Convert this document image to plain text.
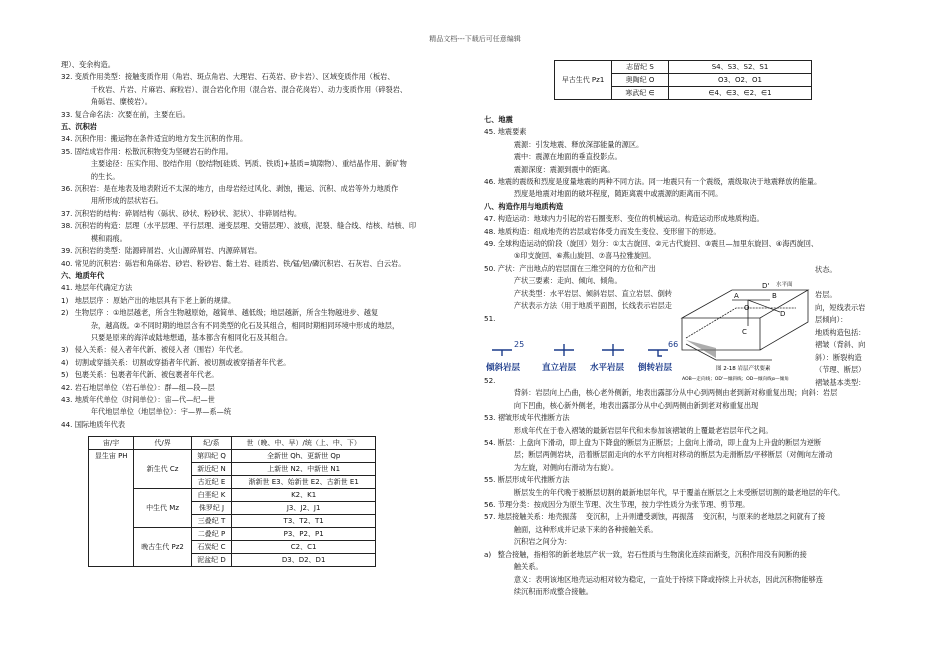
精品文档---下载后可任意编辑
理）、变余构造。
32.	变质作用类型：接触变质作用（角岩、斑点角岩、大理岩、石英岩、矽卡岩）、区域变质作用（板岩、
	千枚岩、片岩、片麻岩、麻粒岩）、混合岩化作用（混合岩、混合花岗岩）、动力变质作用（碎裂岩、
	角砾岩、糜棱岩）。
33.	复合命名法：次要在前，主要在后。
五、沉积岩
34.	沉积作用：搬运物在条件适宜的地方发生沉积的作用。
35.	固结成岩作用：松散沉积物变为坚硬岩石的作用。
	主要途径：压实作用、胶结作用（胶结物[硅质、钙质、铁质]+基质=填隙物）、重结晶作用、新矿物
	的生长。
36.	沉积岩：是在地表及地表附近不太深的地方，由母岩经过风化、剥蚀，搬运、沉积、成岩等外力地质作
	用所形成的层状岩石。
37.	沉积岩的结构：碎屑结构（砾状、砂状、粉砂状、泥状）、非碎屑结构。
38.	沉积岩的构造：层理（水平层理、平行层理、递变层理、交错层理）、波痕，泥裂、缝合线、结核、结核、印
	模和雨痕。
39.	沉积岩的类型：陆源碎屑岩、火山源碎屑岩、内源碎屑岩。
40.	常见的沉积岩：砾岩和角砾岩、砂岩、粉砂岩、黏土岩、硅质岩、铁/锰/铝/磷沉积岩、石灰岩、白云岩。
六、地质年代
41.	地层年代确定方法
1)	地层层序 ：原始产出的地层具有下老上新的规律。
2)	生物层序 ：①地层越老，所含生物越原始，越简单、越低级；地层越新，所含生物越进步、越复
	杂，越高级。②不同时期的地层含有不同类型的化石及其组合，相同时期相同环境中形成的地层，
	只要是原来的海洋或陆地想通，基本都含有相同化石及其组合。
3)	侵入关系：侵入者年代新、被侵入者（围岩）年代老。
4)	切割或穿插关系：切割或穿插者年代新、被切割或被穿插者年代老。
5)	包裹关系：包裹者年代新、被包裹者年代老。
42.	岩石地层单位（岩石单位）：群—组—段—层
43.	地质年代单位（时间单位）：宙—代—纪—世
	年代地层单位（地层单位）：宇—界—系—统
44.	国际地质年代表
宙/宇	代/界	纪/系	世（晚、中、早）/统（上、中、下）
显生宙 PH	新生代 Cz	第四纪 Q	全新世 Qh、更新世 Qp
		新近纪 N	上新世 N2、中新世 N1
		古近纪 E	渐新世 E3、始新世 E2、古新世 E1
	中生代 Mz	白垩纪 K	K2、K1
		侏罗纪 J	J3、J2、J1
		三叠纪 T	T3、T2、T1
	晚古生代 Pz2	二叠纪 P	P3、P2、P1
		石炭纪 C	C2、C1
		泥盆纪 D	D3、D2、D1
早古生代 Pz1	志留纪 S	S4、S3、S2、S1
	奥陶纪 O	O3、O2、O1
	寒武纪 ∈	∈4、∈3、∈2、∈1
七、地震
45.	地震要素
	震源：引发地震、释放深部能量的源区。
	震中：震源在地面的垂直投影点。
	震源深度：震源到震中的距离。
46.	地震的震级和烈度是度量地震的两种不同方法。同一地震只有一个震级，震级取决于地震释放的能量。
	烈度是地震对地面的破坏程度，随距离震中或震源的距离而不同。
八、构造作用与地质构造
47.	构造运动：地球内力引起的岩石圈变形、变位的机械运动。构造运动形成地质构造。
48.	地质构造：组成地壳的岩层或岩体受力而发生变位、变形留下的形迹。
49.	全球构造运动的阶段（旋回）划分：①太古旋回、②元古代旋回、③震旦—加里东旋回、④海西旋回、
	⑤印支旋回、⑥燕山旋回、⑦喜马拉雅旋回。
50.	产状：产出地点的岩层面在三维空间的方位和产出
	产状三要素：走向、倾向、倾角。
	产状类型：水平岩层、倾斜岩层、直立岩层、倒转
	产状表示方法（用于地质平面图，长线表示岩层走
51.
52.
	背斜：岩层向上凸曲，核心老外侧新，地表出露部分从中心到两侧由老到新对称重复出现；向斜：岩层
	向下凹曲，核心新外侧老，地表出露部分从中心到两侧由新到老对称重复出现
53.	褶皱形成年代推断方法
	形成年代在于卷入褶皱的最新岩层年代和未参加该褶皱的上覆最老岩层年代之间。
54.	断层：上盘向下滑动，即上盘为下降盘的断层为正断层；上盘向上滑动，即上盘为上升盘的断层为逆断
	层；断层两侧岩块，沿着断层面走向的水平方向相对移动的断层为走滑断层/平移断层（对侧向左滑动
	为左旋，对侧向右滑动为右旋）。
55.	断层形成年代推断方法
	断层发生的年代晚于被断层切割的最新地层年代，早于覆盖在断层之上未受断层切割的最老地层的年代。
56.	节理分类：按成因分为原生节理、次生节理，按力学性质分为张节理、剪节理。
57.	地层接触关系：地壳振荡    变沉积，上升则遭受剥蚀，再振荡    变沉积，与原来的老地层之间就有了接
	触面，这种形成并记录下来的各种接触关系。
	沉积岩之间分为：
a)	整合接触，指相邻的新老地层产状一致，岩石性质与生物演化连续而渐变，沉积作用没有间断的接
	触关系。
	意义：表明该地区地壳运动相对较为稳定，一直处于持续下降或持续上升状态，因此沉积物能够连
	续沉积而形成整合接触。
状态。
岩层。
向，短线表示岩
层倾向）：
地质构造包括：
褶皱（背斜、向
斜）：断裂构造
（节理、断层）
褶皱基本类型：
25	66
倾斜岩层	直立岩层 水平岩层 倒转岩层
A	B
C
D
D'
O
水平面
图 2-18 岩层产状要素
AOB—走向线；OD'—倾斜线；OD—倾向线；
α—倾角
